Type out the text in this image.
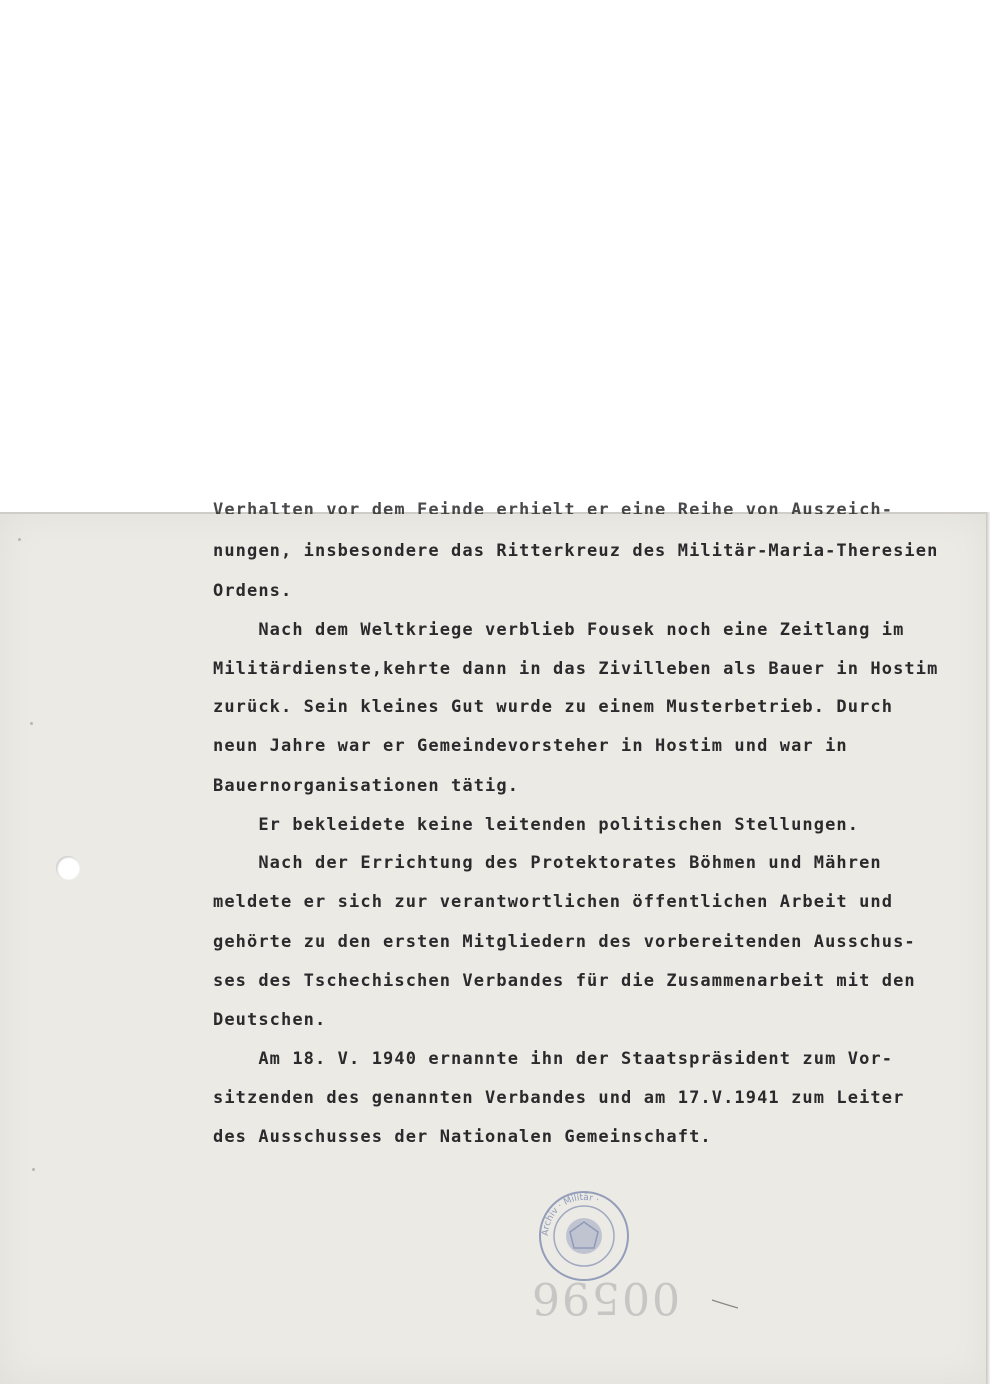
Verhalten vor dem Feinde erhielt er eine Reihe von Auszeich-
nungen, insbesondere das Ritterkreuz des Militär-Maria-Theresien
Ordens.
Nach dem Weltkriege verblieb Fousek noch eine Zeitlang im
Militärdienste,kehrte dann in das Zivilleben als Bauer in Hostim
zurück. Sein kleines Gut wurde zu einem Musterbetrieb. Durch
neun Jahre war er Gemeindevorsteher in Hostim und war in
Bauernorganisationen tätig.
Er bekleidete keine leitenden politischen Stellungen.
Nach der Errichtung des Protektorates Böhmen und Mähren
meldete er sich zur verantwortlichen öffentlichen Arbeit und
gehörte zu den ersten Mitgliedern des vorbereitenden Ausschus-
ses des Tschechischen Verbandes für die Zusammenarbeit mit den
Deutschen.
Am 18. V. 1940 ernannte ihn der Staatspräsident zum Vor-
sitzenden des genannten Verbandes und am 17.V.1941 zum Leiter
des Ausschusses der Nationalen Gemeinschaft.
Archiv · Militär ·
00596
